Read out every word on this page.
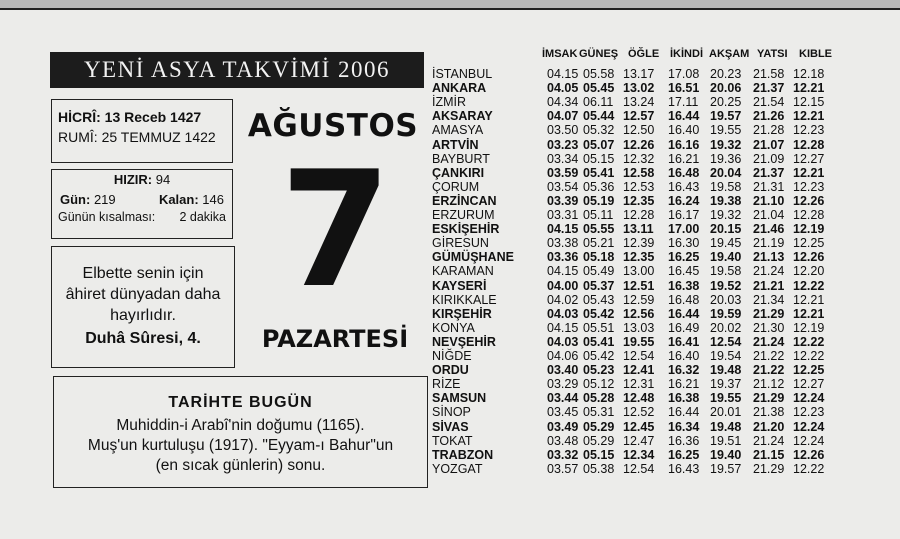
YENİ ASYA TAKVİMİ 2006
HİCRÎ: 13 Receb 1427
RUMÎ: 25 TEMMUZ 1422
HIZIR: 94
Gün: 219	Kalan: 146
Günün kısalması: 2 dakika
Elbette senin için
âhiret dünyadan daha
hayırlıdır.
Duhâ Sûresi, 4.
AĞUSTOS
7
PAZARTESİ
TARİHTE BUGÜN
Muhiddin-i Arabî'nin doğumu (1165).
Muş'un kurtuluşu (1917). "Eyyam-ı Bahur"un
(en sıcak günlerin) sonu.
İMSAK GÜNEŞ ÖĞLE İKİNDİ AKŞAM YATSI KIBLE
İSTANBUL	04.15 05.58 13.17 17.08 20.23 21.58 12.18
ANKARA	04.05 05.45 13.02 16.51 20.06 21.37 12.21
İZMİR	04.34 06.11 13.24 17.11 20.25 21.54 12.15
AKSARAY	04.07 05.44 12.57 16.44 19.57 21.26 12.21
AMASYA	03.50 05.32 12.50 16.40 19.55 21.28 12.23
ARTVİN	03.23 05.07 12.26 16.16 19.32 21.07 12.28
BAYBURT	03.34 05.15 12.32 16.21 19.36 21.09 12.27
ÇANKIRI	03.59 05.41 12.58 16.48 20.04 21.37 12.21
ÇORUM	03.54 05.36 12.53 16.43 19.58 21.31 12.23
ERZİNCAN	03.39 05.19 12.35 16.24 19.38 21.10 12.26
ERZURUM	03.31 05.11 12.28 16.17 19.32 21.04 12.28
ESKİŞEHİR	04.15 05.55 13.11 17.00 20.15 21.46 12.19
GİRESUN	03.38 05.21 12.39 16.30 19.45 21.19 12.25
GÜMÜŞHANE	03.36 05.18 12.35 16.25 19.40 21.13 12.26
KARAMAN	04.15 05.49 13.00 16.45 19.58 21.24 12.20
KAYSERİ	04.00 05.37 12.51 16.38 19.52 21.21 12.22
KIRIKKALE	04.02 05.43 12.59 16.48 20.03 21.34 12.21
KIRŞEHİR	04.03 05.42 12.56 16.44 19.59 21.29 12.21
KONYA	04.15 05.51 13.03 16.49 20.02 21.30 12.19
NEVŞEHİR	04.03 05.41 19.55 16.41 12.54 21.24 12.22
NİĞDE	04.06 05.42 12.54 16.40 19.54 21.22 12.22
ORDU	03.40 05.23 12.41 16.32 19.48 21.22 12.25
RİZE	03.29 05.12 12.31 16.21 19.37 21.12 12.27
SAMSUN	03.44 05.28 12.48 16.38 19.55 21.29 12.24
SİNOP	03.45 05.31 12.52 16.44 20.01 21.38 12.23
SİVAS	03.49 05.29 12.45 16.34 19.48 21.20 12.24
TOKAT	03.48 05.29 12.47 16.36 19.51 21.24 12.24
TRABZON	03.32 05.15 12.34 16.25 19.40 21.15 12.26
YOZGAT	03.57 05.38 12.54 16.43 19.57 21.29 12.22
